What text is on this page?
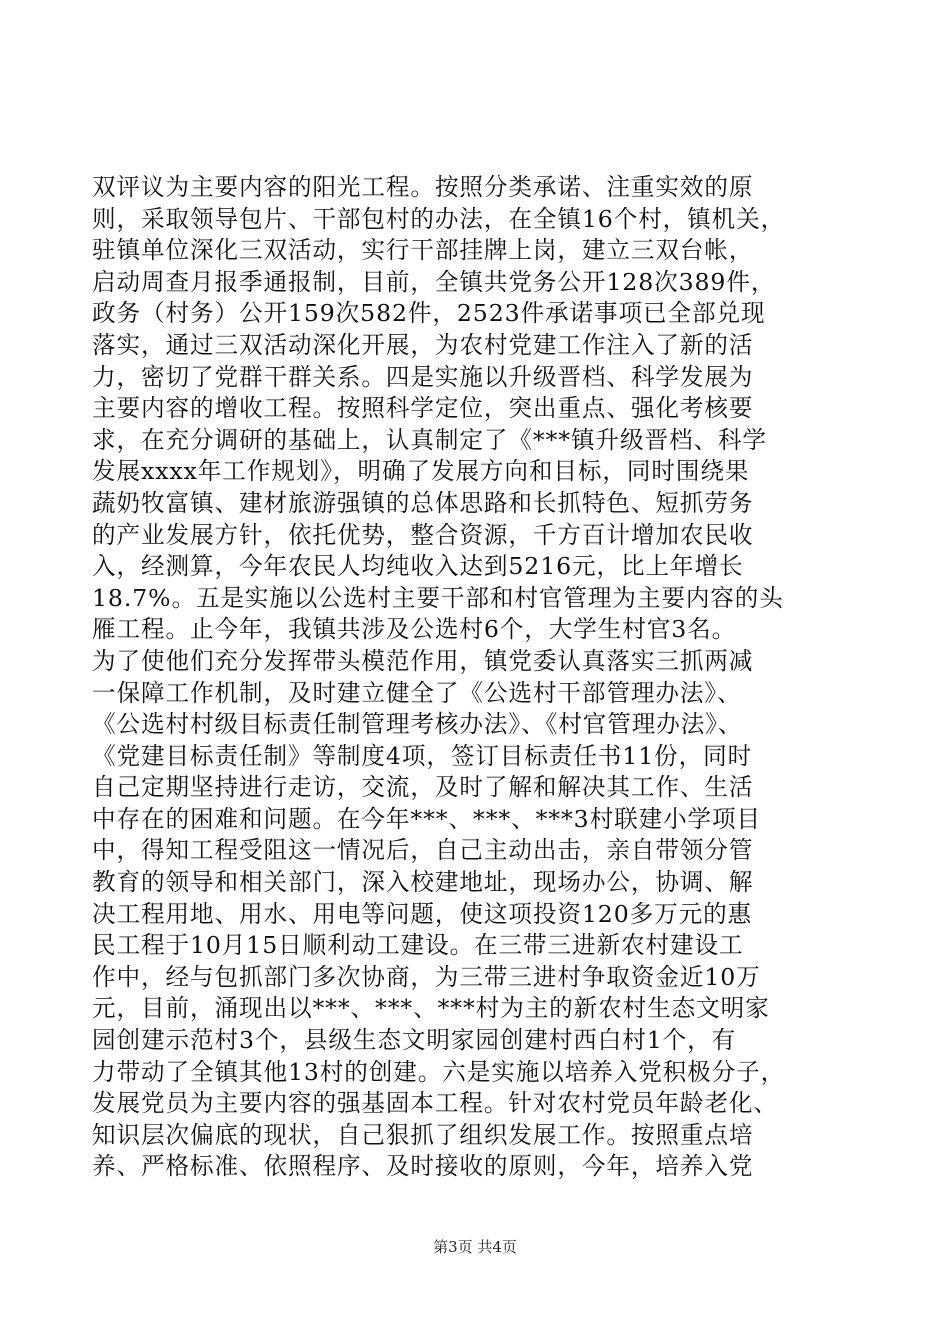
双评议为主要内容的阳光工程。按照分类承诺、注重实效的原
则，采取领导包片、干部包村的办法，在全镇16个村，镇机关，
驻镇单位深化三双活动，实行干部挂牌上岗，建立三双台帐，
启动周查月报季通报制，目前，全镇共党务公开128次389件，
政务（村务）公开159次582件，2523件承诺事项已全部兑现
落实，通过三双活动深化开展，为农村党建工作注入了新的活
力，密切了党群干群关系。四是实施以升级晋档、科学发展为
主要内容的增收工程。按照科学定位，突出重点、强化考核要
求，在充分调研的基础上，认真制定了《***镇升级晋档、科学
发展xxxx年工作规划》，明确了发展方向和目标，同时围绕果
蔬奶牧富镇、建材旅游强镇的总体思路和长抓特色、短抓劳务
的产业发展方针，依托优势，整合资源，千方百计增加农民收
入，经测算，今年农民人均纯收入达到5216元，比上年增长
18.7%。五是实施以公选村主要干部和村官管理为主要内容的头
雁工程。止今年，我镇共涉及公选村6个，大学生村官3名。
为了使他们充分发挥带头模范作用，镇党委认真落实三抓两减
一保障工作机制，及时建立健全了《公选村干部管理办法》、
《公选村村级目标责任制管理考核办法》、《村官管理办法》、
《党建目标责任制》等制度4项，签订目标责任书11份，同时
自己定期坚持进行走访，交流，及时了解和解决其工作、生活
中存在的困难和问题。在今年***、***、***3村联建小学项目
中，得知工程受阻这一情况后，自己主动出击，亲自带领分管
教育的领导和相关部门，深入校建地址，现场办公，协调、解
决工程用地、用水、用电等问题，使这项投资120多万元的惠
民工程于10月15日顺利动工建设。在三带三进新农村建设工
作中，经与包抓部门多次协商，为三带三进村争取资金近10万
元，目前，涌现出以***、***、***村为主的新农村生态文明家
园创建示范村3个，县级生态文明家园创建村西白村1个，有
力带动了全镇其他13村的创建。六是实施以培养入党积极分子，
发展党员为主要内容的强基固本工程。针对农村党员年龄老化、
知识层次偏底的现状，自己狠抓了组织发展工作。按照重点培
养、严格标准、依照程序、及时接收的原则，今年，培养入党
第3页 共4页
